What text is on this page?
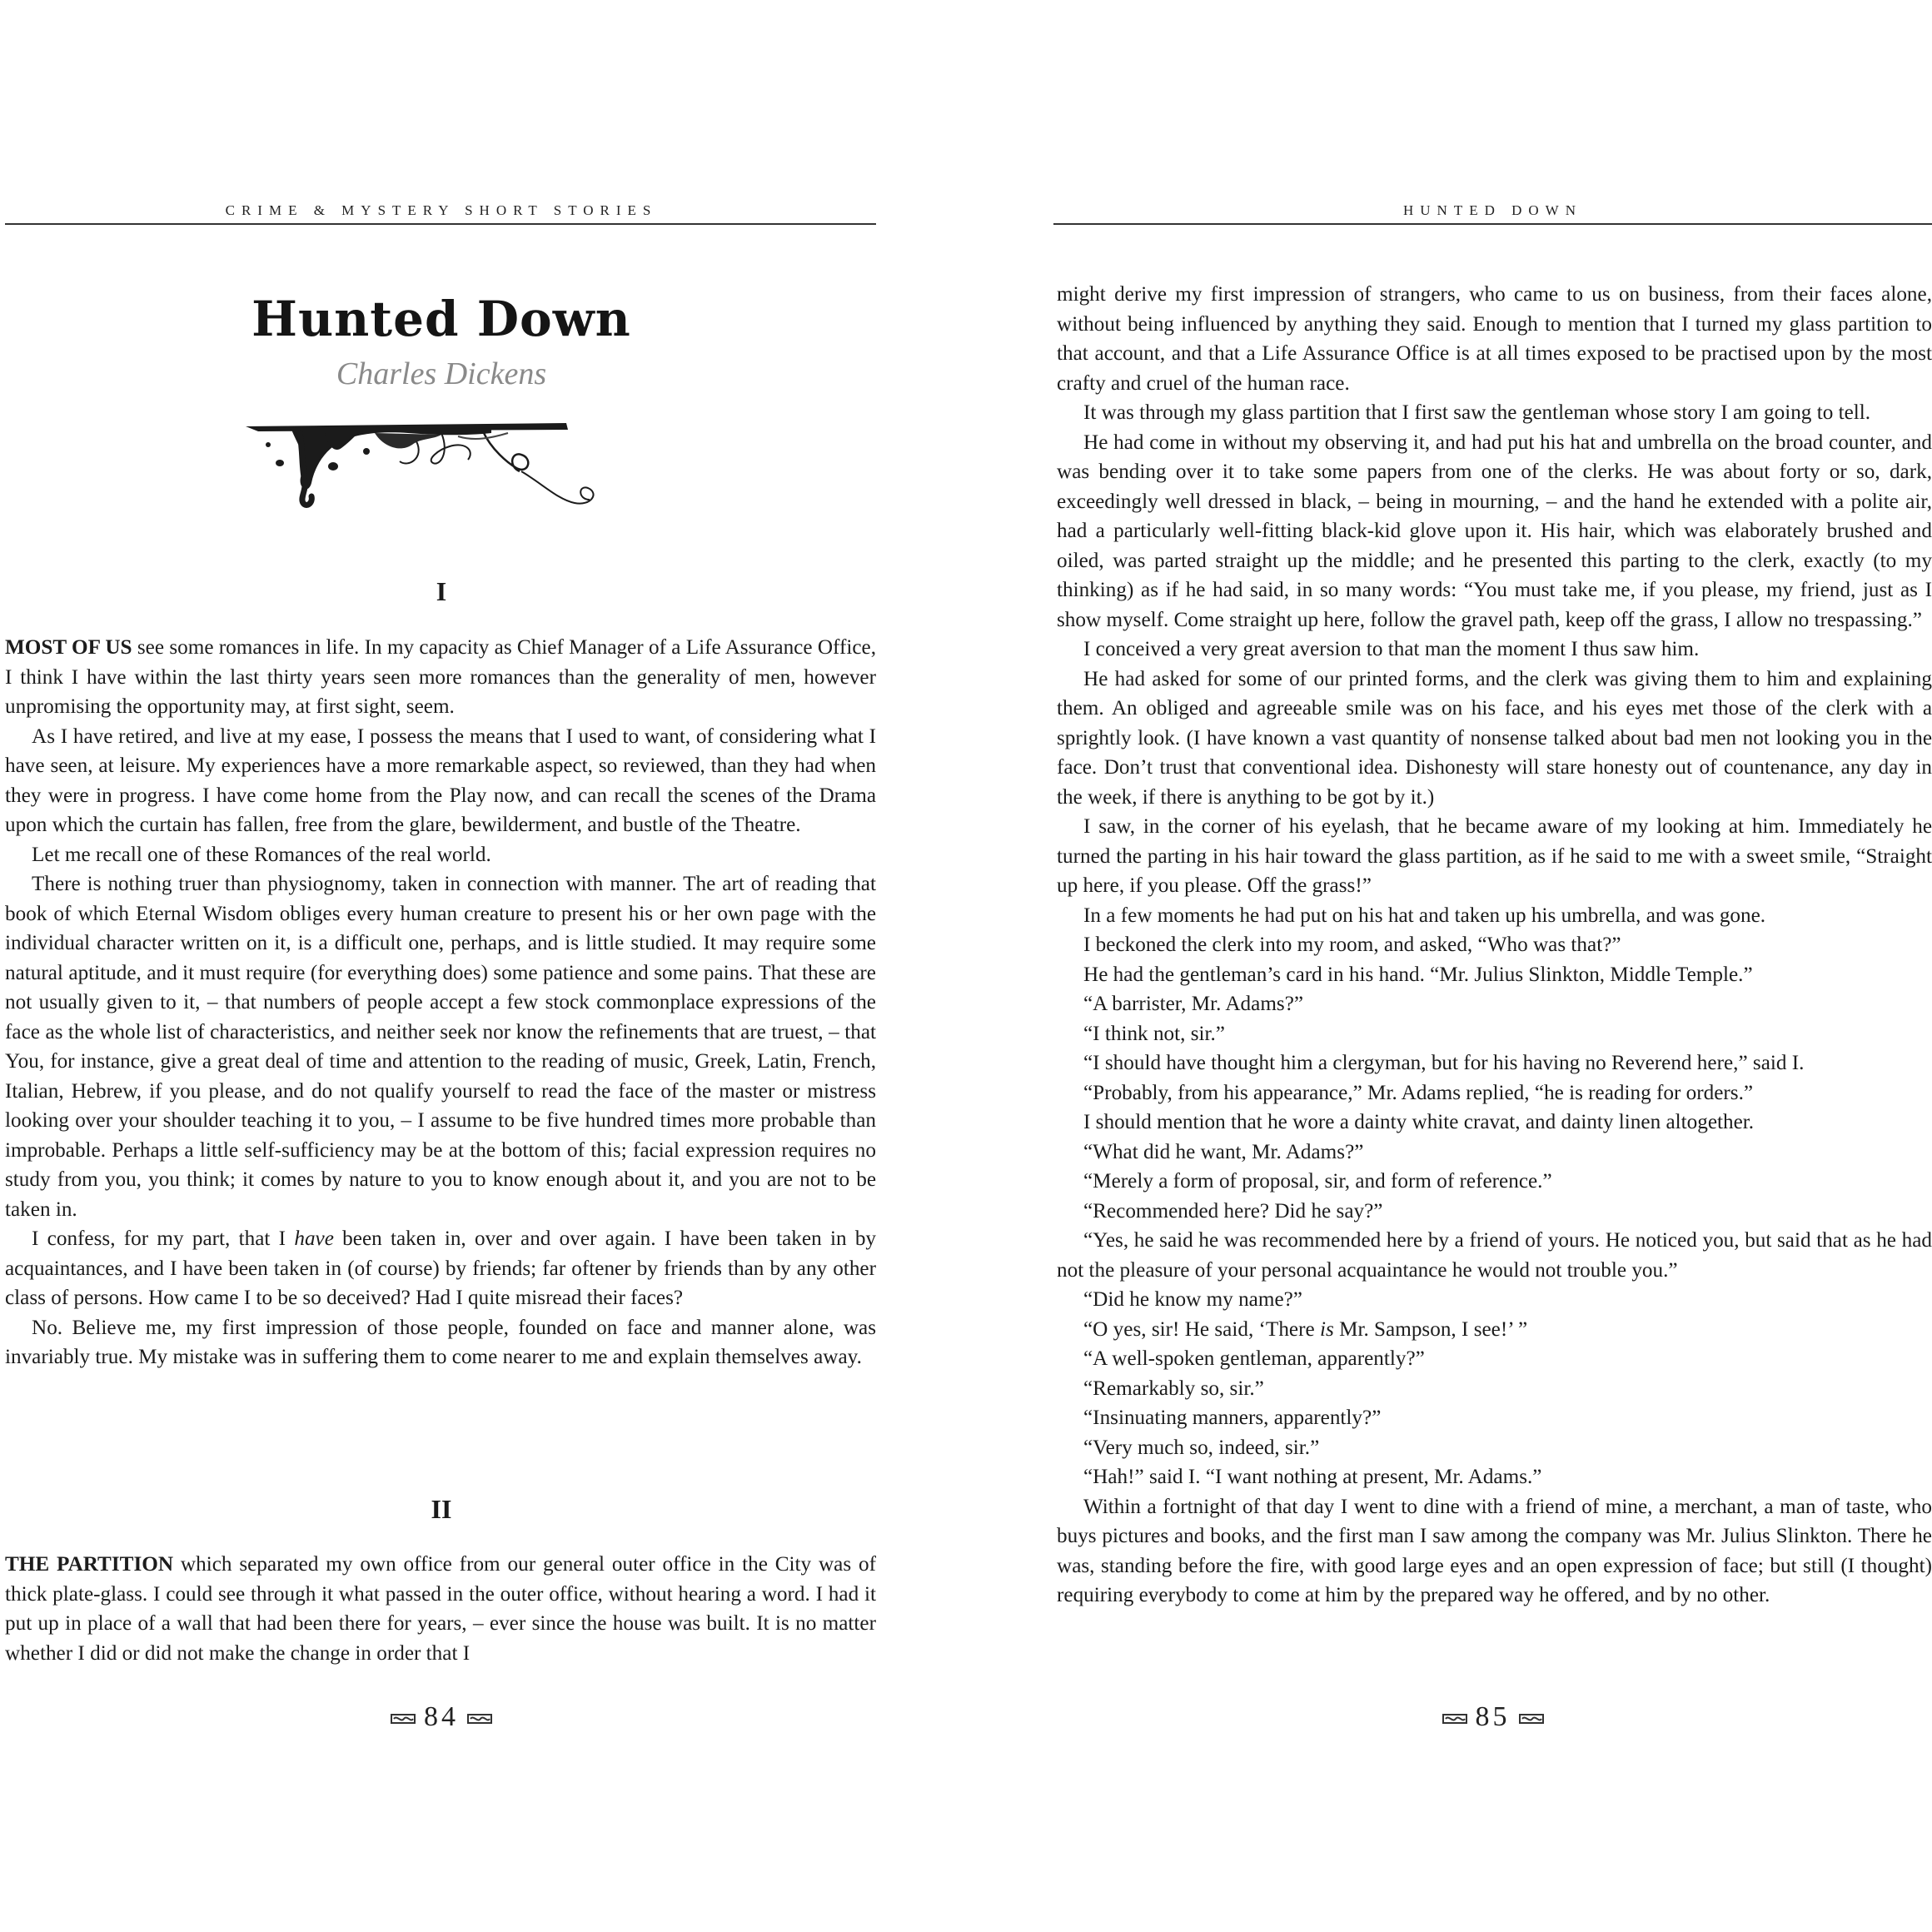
CRIME & MYSTERY SHORT STORIES
Hunted Down
Charles Dickens
I

MOST OF US see some romances in life. In my capacity as Chief Manager of a Life Assurance Office, I think I have within the last thirty years seen more romances than the generality of men, however unpromising the opportunity may, at first sight, seem.

As I have retired, and live at my ease, I possess the means that I used to want, of considering what I have seen, at leisure. My experiences have a more remarkable aspect, so reviewed, than they had when they were in progress. I have come home from the Play now, and can recall the scenes of the Drama upon which the curtain has fallen, free from the glare, bewilderment, and bustle of the Theatre.

Let me recall one of these Romances of the real world.

There is nothing truer than physiognomy, taken in connection with manner. The art of reading that book of which Eternal Wisdom obliges every human creature to present his or her own page with the individual character written on it, is a difficult one, perhaps, and is little studied. It may require some natural aptitude, and it must require (for everything does) some patience and some pains. That these are not usually given to it, – that numbers of people accept a few stock commonplace expressions of the face as the whole list of characteristics, and neither seek nor know the refinements that are truest, – that You, for instance, give a great deal of time and attention to the reading of music, Greek, Latin, French, Italian, Hebrew, if you please, and do not qualify yourself to read the face of the master or mistress looking over your shoulder teaching it to you, – I assume to be five hundred times more probable than improbable. Perhaps a little self-sufficiency may be at the bottom of this; facial expression requires no study from you, you think; it comes by nature to you to know enough about it, and you are not to be taken in.

I confess, for my part, that I have been taken in, over and over again. I have been taken in by acquaintances, and I have been taken in (of course) by friends; far oftener by friends than by any other class of persons. How came I to be so deceived? Had I quite misread their faces?

No. Believe me, my first impression of those people, founded on face and manner alone, was invariably true. My mistake was in suffering them to come nearer to me and explain themselves away.

II

THE PARTITION which separated my own office from our general outer office in the City was of thick plate-glass. I could see through it what passed in the outer office, without hearing a word. I had it put up in place of a wall that had been there for years, – ever since the house was built. It is no matter whether I did or did not make the change in order that I

84
HUNTED DOWN

might derive my first impression of strangers, who came to us on business, from their faces alone, without being influenced by anything they said. Enough to mention that I turned my glass partition to that account, and that a Life Assurance Office is at all times exposed to be practised upon by the most crafty and cruel of the human race.

It was through my glass partition that I first saw the gentleman whose story I am going to tell.

He had come in without my observing it, and had put his hat and umbrella on the broad counter, and was bending over it to take some papers from one of the clerks. He was about forty or so, dark, exceedingly well dressed in black, – being in mourning, – and the hand he extended with a polite air, had a particularly well-fitting black-kid glove upon it. His hair, which was elaborately brushed and oiled, was parted straight up the middle; and he presented this parting to the clerk, exactly (to my thinking) as if he had said, in so many words: “You must take me, if you please, my friend, just as I show myself. Come straight up here, follow the gravel path, keep off the grass, I allow no trespassing.”

I conceived a very great aversion to that man the moment I thus saw him.

He had asked for some of our printed forms, and the clerk was giving them to him and explaining them. An obliged and agreeable smile was on his face, and his eyes met those of the clerk with a sprightly look. (I have known a vast quantity of nonsense talked about bad men not looking you in the face. Don’t trust that conventional idea. Dishonesty will stare honesty out of countenance, any day in the week, if there is anything to be got by it.)

I saw, in the corner of his eyelash, that he became aware of my looking at him. Immediately he turned the parting in his hair toward the glass partition, as if he said to me with a sweet smile, “Straight up here, if you please. Off the grass!”

In a few moments he had put on his hat and taken up his umbrella, and was gone.

I beckoned the clerk into my room, and asked, “Who was that?”

He had the gentleman’s card in his hand. “Mr. Julius Slinkton, Middle Temple.”

“A barrister, Mr. Adams?”

“I think not, sir.”

“I should have thought him a clergyman, but for his having no Reverend here,” said I.

“Probably, from his appearance,” Mr. Adams replied, “he is reading for orders.”

I should mention that he wore a dainty white cravat, and dainty linen altogether.

“What did he want, Mr. Adams?”

“Merely a form of proposal, sir, and form of reference.”

“Recommended here? Did he say?”

“Yes, he said he was recommended here by a friend of yours. He noticed you, but said that as he had not the pleasure of your personal acquaintance he would not trouble you.”

“Did he know my name?”

“O yes, sir! He said, ‘There is Mr. Sampson, I see!’ ”

“A well-spoken gentleman, apparently?”

“Remarkably so, sir.”

“Insinuating manners, apparently?”

“Very much so, indeed, sir.”

“Hah!” said I. “I want nothing at present, Mr. Adams.”

Within a fortnight of that day I went to dine with a friend of mine, a merchant, a man of taste, who buys pictures and books, and the first man I saw among the company was Mr. Julius Slinkton. There he was, standing before the fire, with good large eyes and an open expression of face; but still (I thought) requiring everybody to come at him by the prepared way he offered, and by no other.

85
